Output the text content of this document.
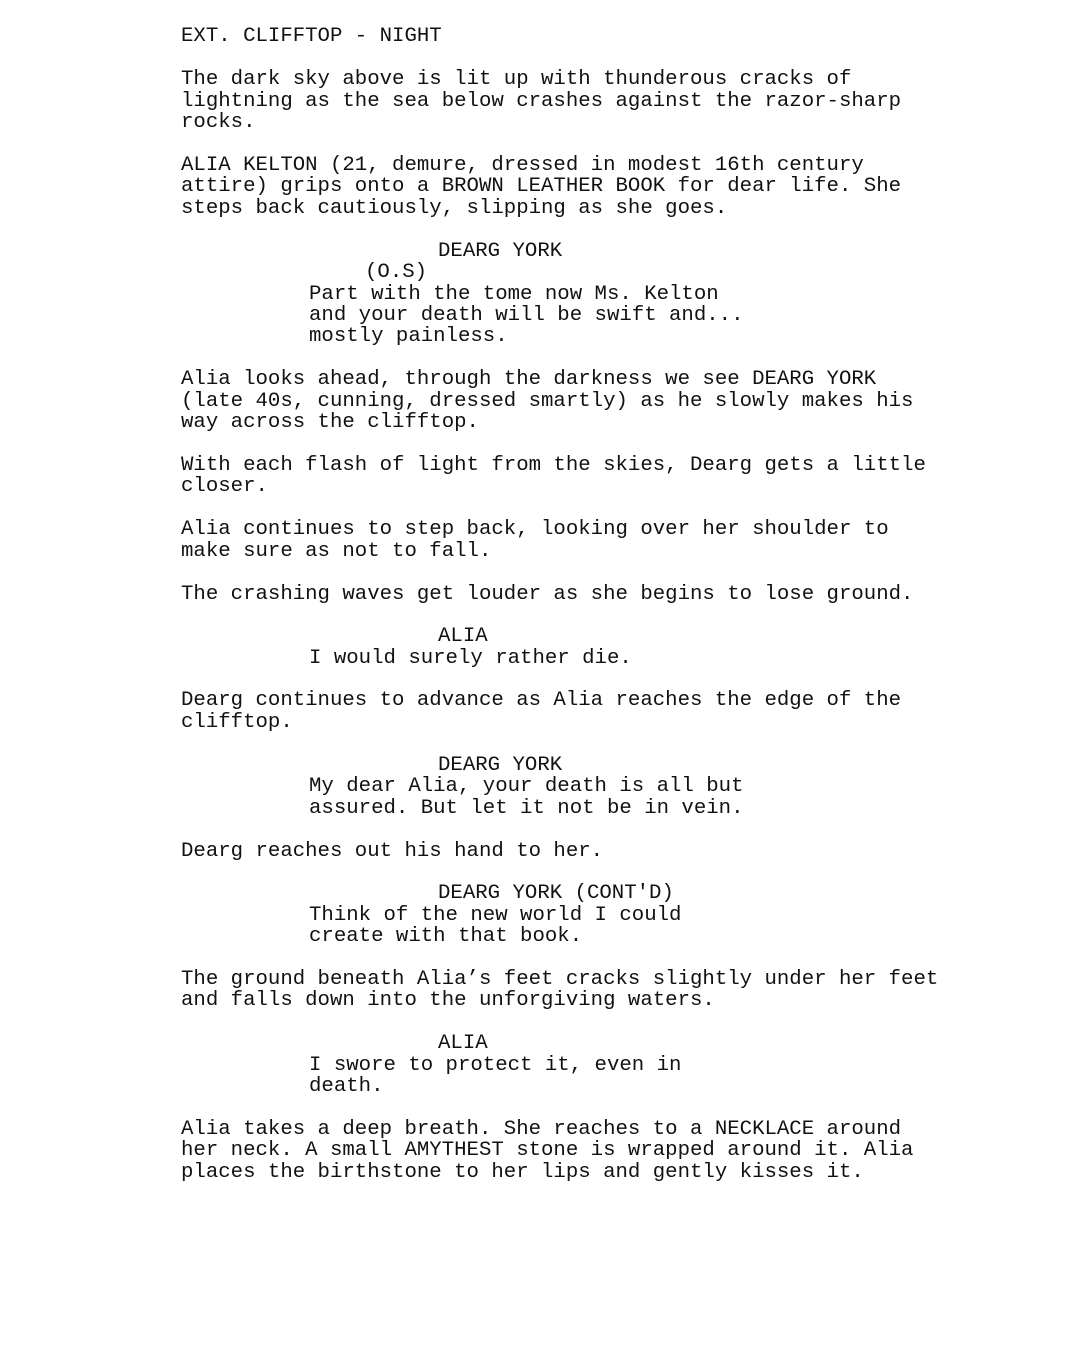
EXT. CLIFFTOP - NIGHT
The dark sky above is lit up with thunderous cracks of
lightning as the sea below crashes against the razor-sharp
rocks.
ALIA KELTON (21, demure, dressed in modest 16th century
attire) grips onto a BROWN LEATHER BOOK for dear life. She
steps back cautiously, slipping as she goes.
DEARG YORK
(O.S)
Part with the tome now Ms. Kelton
and your death will be swift and...
mostly painless.
Alia looks ahead, through the darkness we see DEARG YORK
(late 40s, cunning, dressed smartly) as he slowly makes his
way across the clifftop.
With each flash of light from the skies, Dearg gets a little
closer.
Alia continues to step back, looking over her shoulder to
make sure as not to fall.
The crashing waves get louder as she begins to lose ground.
ALIA
I would surely rather die.
Dearg continues to advance as Alia reaches the edge of the
clifftop.
DEARG YORK
My dear Alia, your death is all but
assured. But let it not be in vein.
Dearg reaches out his hand to her.
DEARG YORK (CONT'D)
Think of the new world I could
create with that book.
The ground beneath Alia’s feet cracks slightly under her feet
and falls down into the unforgiving waters.
ALIA
I swore to protect it, even in
death.
Alia takes a deep breath. She reaches to a NECKLACE around
her neck. A small AMYTHEST stone is wrapped around it. Alia
places the birthstone to her lips and gently kisses it.
